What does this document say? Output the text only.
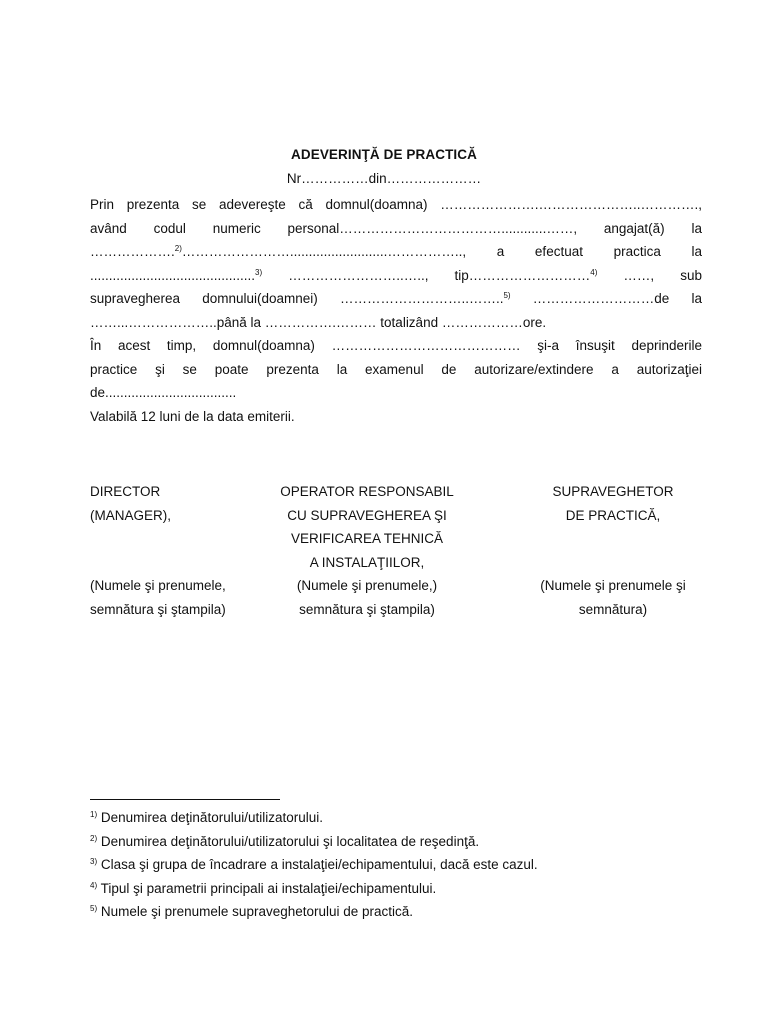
ADEVERINŢĂ DE PRACTICĂ
Nr……………din…………………
Prin prezenta se adevereşte că domnul(doamna) ………………….…………………..………….,
având codul numeric personal………………………………............……, angajat(ă) la
……………….$^{2)}$……………………..........................…………….., a efectuat practica la
............................................$^{3)}$ ……………………..….., tip………………………$^{4)}$ ……, sub
supravegherea domnului(doamnei) ………………………..……..$^{5)}$ ………………………de la
……...………………..până la …………….……… totalizând ………………ore.
În acest timp, domnul(doamna) …………………………………… şi-a însuşit deprinderile
practice şi se poate prezenta la examenul de autorizare/extindere a autorizaţiei
de...................................
Valabilă 12 luni de la data emiterii.
DIRECTOR
(MANAGER),
(Numele şi prenumele,
semnătura şi ştampila)
OPERATOR RESPONSABIL
CU SUPRAVEGHEREA ŞI
VERIFICAREA TEHNICĂ
A INSTALAŢIILOR,
(Numele şi prenumele,)
semnătura şi ştampila)
SUPRAVEGHETOR
DE PRACTICĂ,
(Numele şi prenumele şi
semnătura)
$^{1)}$ Denumirea deţinătorului/utilizatorului.
$^{2)}$ Denumirea deţinătorului/utilizatorului şi localitatea de reşedinţă.
$^{3)}$ Clasa şi grupa de încadrare a instalaţiei/echipamentului, dacă este cazul.
$^{4)}$ Tipul şi parametrii principali ai instalaţiei/echipamentului.
$^{5)}$ Numele şi prenumele supraveghetorului de practică.
